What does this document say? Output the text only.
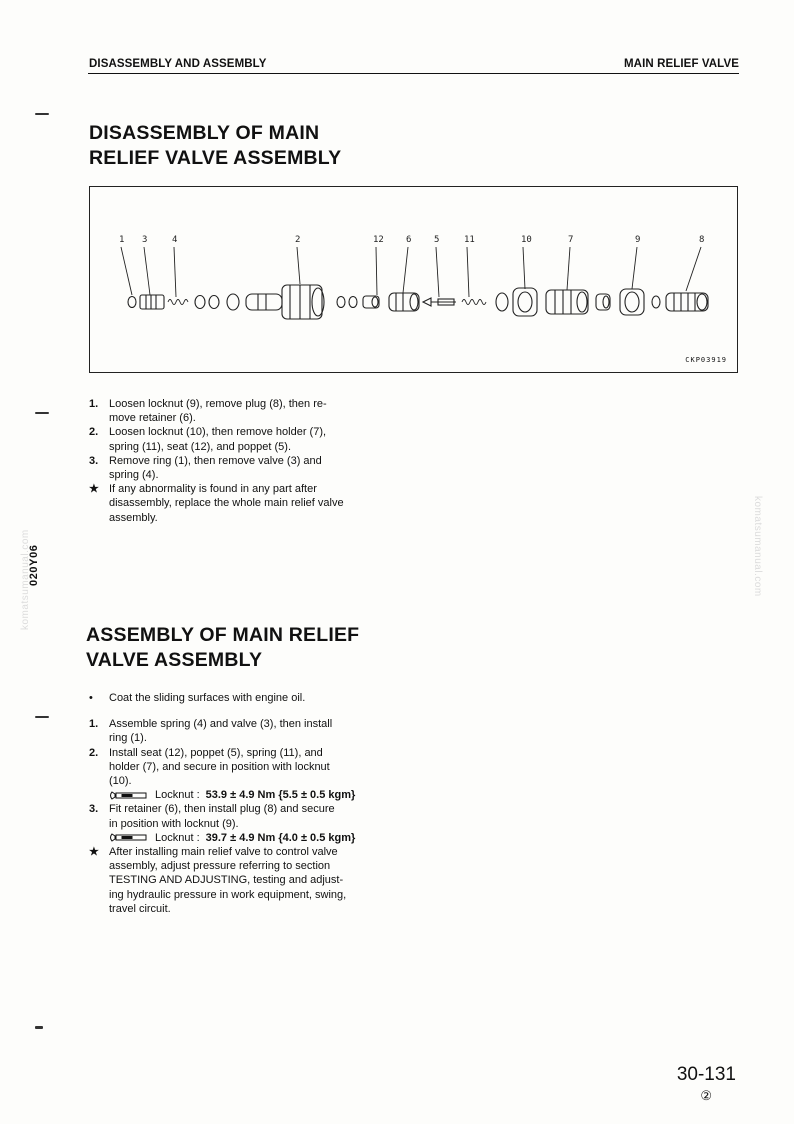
DISASSEMBLY AND ASSEMBLY	MAIN RELIEF VALVE
DISASSEMBLY OF MAIN
RELIEF VALVE ASSEMBLY
1 3	4	2	12 6	5	11	10	7	9	8
CKP03919
1. Loosen locknut (9), remove plug (8), then re-
move retainer (6).
2. Loosen locknut (10), then remove holder (7),
spring (11), seat (12), and poppet (5).
3. Remove ring (1), then remove valve (3) and
spring (4).
★ If any abnormality is found in any part after
disassembly, replace the whole main relief valve
assembly.
020Y06
komatsumanual.com	komatsumanual.com
ASSEMBLY OF MAIN RELIEF
VALVE ASSEMBLY
•	Coat the sliding surfaces with engine oil.
1. Assemble spring (4) and valve (3), then install
ring (1).
2. Install seat (12), poppet (5), spring (11), and
holder (7), and secure in position with locknut
(10).
Locknut : 53.9 ± 4.9 Nm {5.5 ± 0.5 kgm}
3. Fit retainer (6), then install plug (8) and secure
in position with locknut (9).
Locknut : 39.7 ± 4.9 Nm {4.0 ± 0.5 kgm}
★ After installing main relief valve to control valve
assembly, adjust pressure referring to section
TESTING AND ADJUSTING, testing and adjust-
ing hydraulic pressure in work equipment, swing,
travel circuit.
30-131
②
